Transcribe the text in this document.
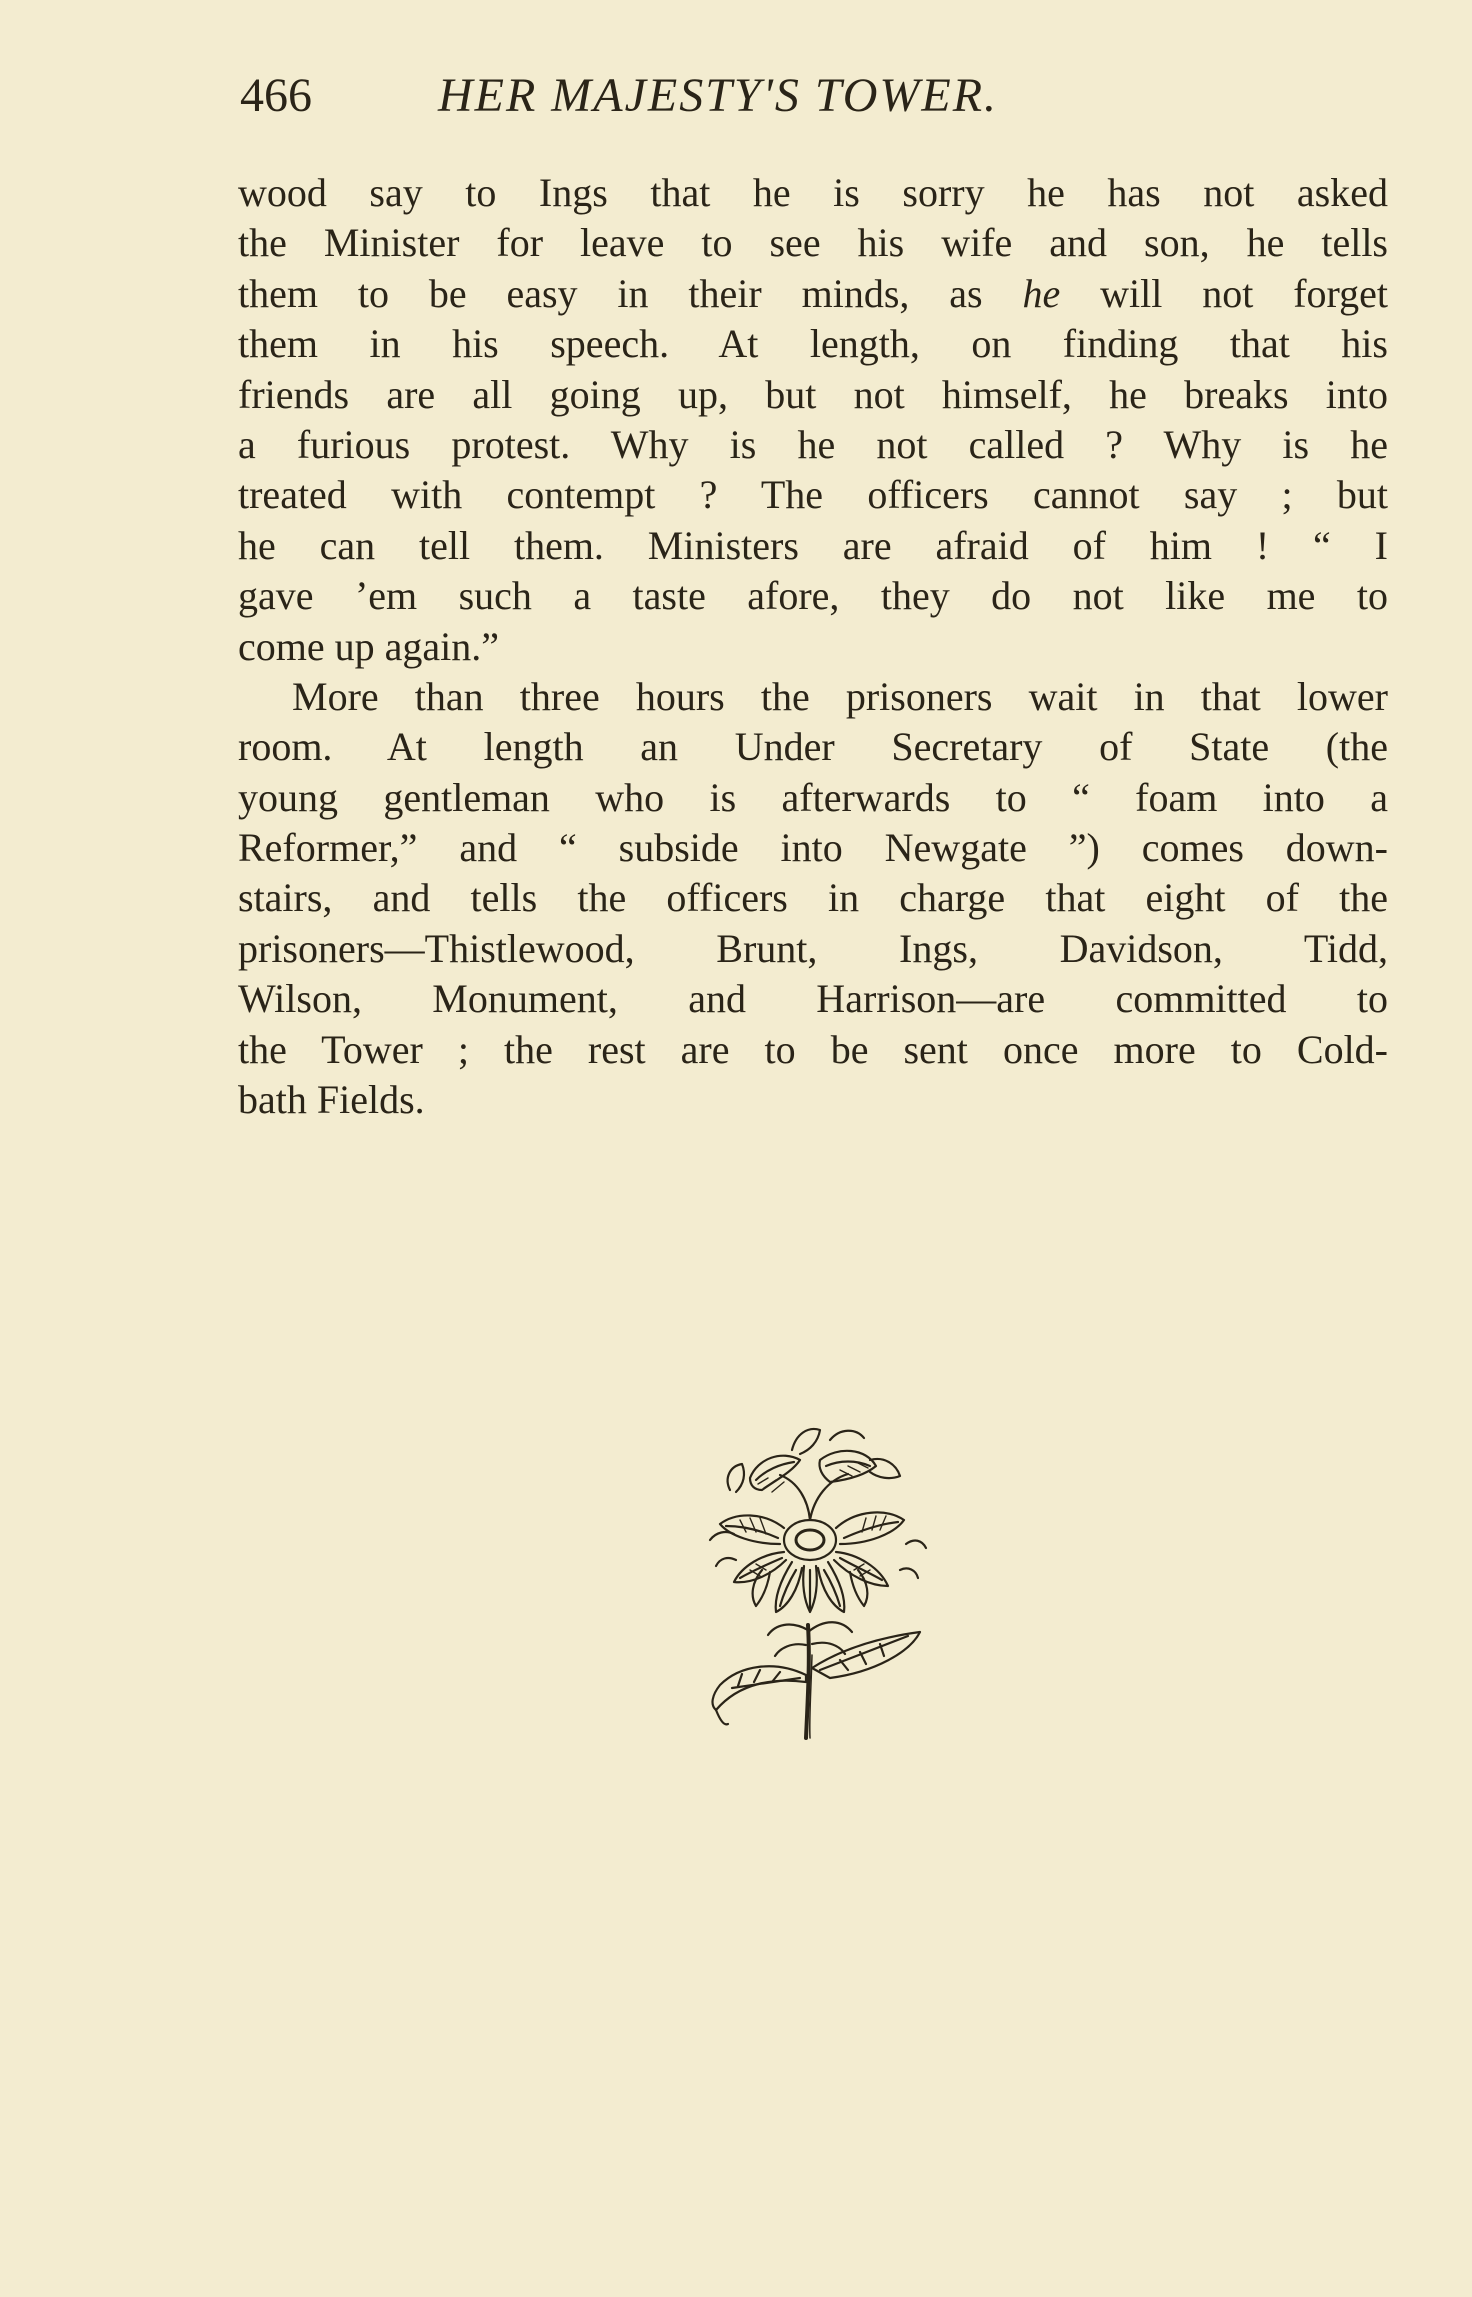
466	HER MAJESTY'S TOWER.
wood say to Ings that he is sorry he has not asked
the Minister for leave to see his wife and son, he tells
them to be easy in their minds, as he will not forget
them in his speech. At length, on finding that his
friends are all going up, but not himself, he breaks into
a furious protest. Why is he not called ? Why is he
treated with contempt ? The officers cannot say ; but
he can tell them. Ministers are afraid of him ! “ I
gave ’em such a taste afore, they do not like me to
come up again.”
More than three hours the prisoners wait in that lower
room. At length an Under Secretary of State (the
young gentleman who is afterwards to “ foam into a
Reformer,” and “ subside into Newgate ”) comes down-
stairs, and tells the officers in charge that eight of the
prisoners—Thistlewood, Brunt, Ings, Davidson, Tidd,
Wilson, Monument, and Harrison—are committed to
the Tower ; the rest are to be sent once more to Cold-
bath Fields.
